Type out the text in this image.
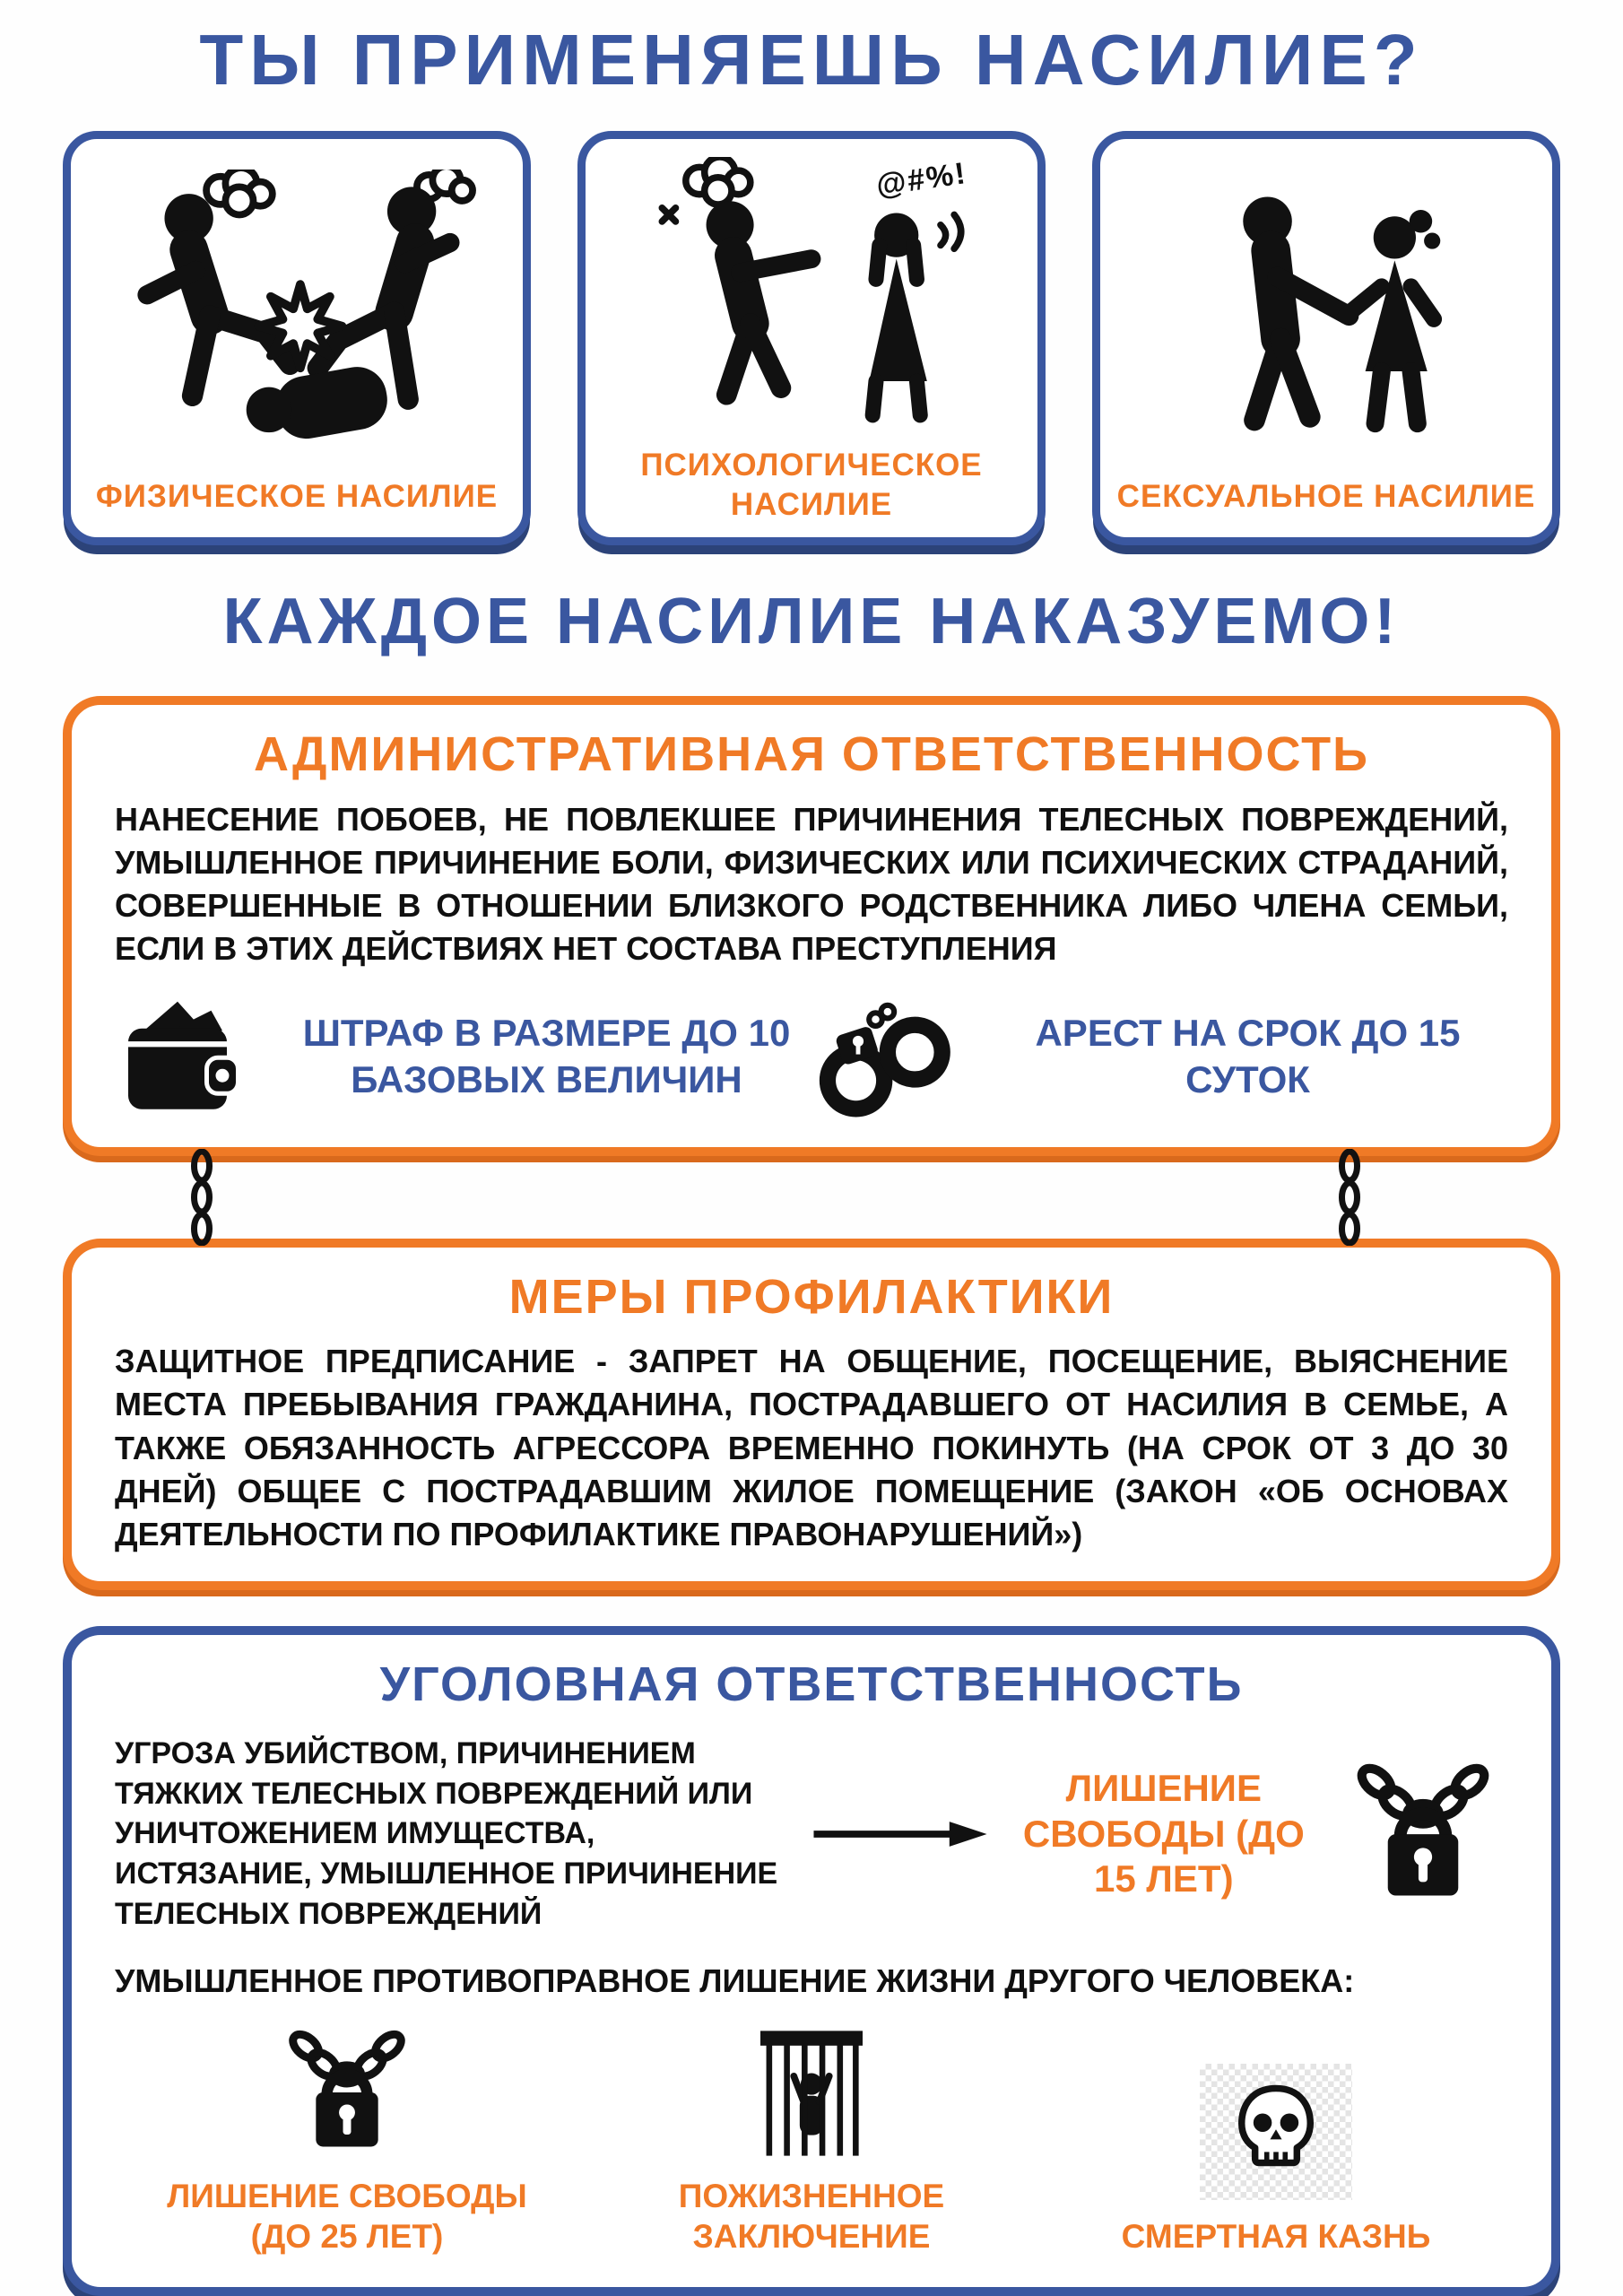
ТЫ ПРИМЕНЯЕШЬ НАСИЛИЕ?
ФИЗИЧЕСКОЕ НАСИЛИЕ
@#%!
ПСИХОЛОГИЧЕСКОЕ НАСИЛИЕ	СЕКСУАЛЬНОЕ НАСИЛИЕ
КАЖДОЕ НАСИЛИЕ НАКАЗУЕМО!
АДМИНИСТРАТИВНАЯ ОТВЕТСТВЕННОСТЬ

НАНЕСЕНИЕ ПОБОЕВ, НЕ ПОВЛЕКШЕЕ ПРИЧИНЕНИЯ ТЕЛЕСНЫХ ПОВРЕЖДЕНИЙ, УМЫШЛЕННОЕ ПРИЧИНЕНИЕ БОЛИ, ФИЗИЧЕСКИХ ИЛИ ПСИХИЧЕСКИХ СТРАДАНИЙ, СОВЕРШЕННЫЕ В ОТНОШЕНИИ БЛИЗКОГО РОДСТВЕННИКА ЛИБО ЧЛЕНА СЕМЬИ, ЕСЛИ В ЭТИХ ДЕЙСТВИЯХ НЕТ СОСТАВА ПРЕСТУПЛЕНИЯ

ШТРАФ В РАЗМЕРЕ ДО 10 БАЗОВЫХ ВЕЛИЧИН
АРЕСТ НА СРОК ДО 15 СУТОК
МЕРЫ ПРОФИЛАКТИКИ

ЗАЩИТНОЕ ПРЕДПИСАНИЕ - ЗАПРЕТ НА ОБЩЕНИЕ, ПОСЕЩЕНИЕ, ВЫЯСНЕНИЕ МЕСТА ПРЕБЫВАНИЯ ГРАЖДАНИНА, ПОСТРАДАВШЕГО ОТ НАСИЛИЯ В СЕМЬЕ, А ТАКЖЕ ОБЯЗАННОСТЬ АГРЕССОРА ВРЕМЕННО ПОКИНУТЬ (НА СРОК ОТ 3 ДО 30 ДНЕЙ) ОБЩЕЕ С ПОСТРАДАВШИМ ЖИЛОЕ ПОМЕЩЕНИЕ (ЗАКОН «ОБ ОСНОВАХ ДЕЯТЕЛЬНОСТИ ПО ПРОФИЛАКТИКЕ ПРАВОНАРУШЕНИЙ»)

УГОЛОВНАЯ ОТВЕТСТВЕННОСТЬ

УГРОЗА УБИЙСТВОМ, ПРИЧИНЕНИЕМ ТЯЖКИХ ТЕЛЕСНЫХ ПОВРЕЖДЕНИЙ ИЛИ УНИЧТОЖЕНИЕМ ИМУЩЕСТВА, ИСТЯЗАНИЕ, УМЫШЛЕННОЕ ПРИЧИНЕНИЕ ТЕЛЕСНЫХ ПОВРЕЖДЕНИЙ

ЛИШЕНИЕ СВОБОДЫ (ДО 15 ЛЕТ)

УМЫШЛЕННОЕ ПРОТИВОПРАВНОЕ ЛИШЕНИЕ ЖИЗНИ ДРУГОГО ЧЕЛОВЕКА:

ЛИШЕНИЕ СВОБОДЫ (ДО 25 ЛЕТ)
ПОЖИЗНЕННОЕ ЗАКЛЮЧЕНИЕ	СМЕРТНАЯ КАЗНЬ
